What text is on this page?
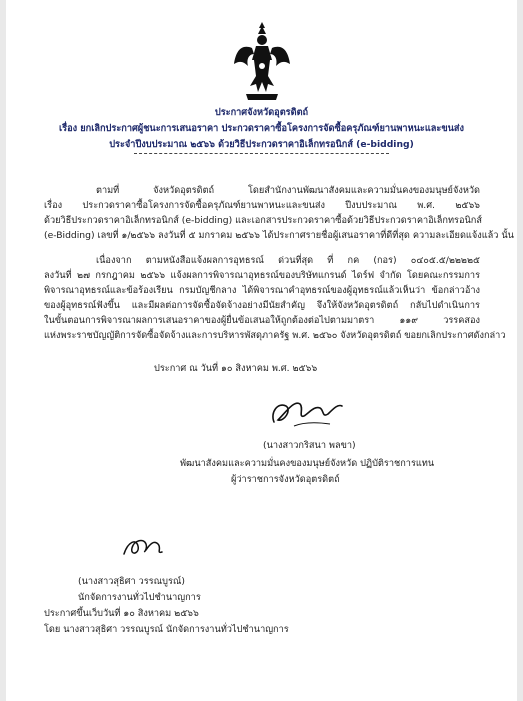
ประกาศจังหวัดอุตรดิตถ์
เรื่อง ยกเลิกประกาศผู้ชนะการเสนอราคา ประกวดราคาซื้อโครงการจัดซื้อครุภัณฑ์ยานพาหนะและขนส่ง
ประจำปีงบประมาณ ๒๕๖๖ ด้วยวิธีประกวดราคาอิเล็กทรอนิกส์ (e-bidding)
ตามที่ จังหวัดอุตรดิตถ์ โดยสำนักงานพัฒนาสังคมและความมั่นคงของมนุษย์จังหวัด
เรื่อง ประกวดราคาซื้อโครงการจัดซื้อครุภัณฑ์ยานพาหนะและขนส่ง ปีงบประมาณ พ.ศ. ๒๕๖๖
ด้วยวิธีประกวดราคาอิเล็กทรอนิกส์ (e-bidding) และเอกสารประกวดราคาซื้อด้วยวิธีประกวดราคาอิเล็กทรอนิกส์
(e-Bidding) เลขที่ ๑/๒๕๖๖ ลงวันที่ ๕ มกราคม ๒๕๖๖ ได้ประกาศรายชื่อผู้เสนอราคาที่ดีที่สุด ความละเอียดแจ้งแล้ว นั้น
เนื่องจาก ตามหนังสือแจ้งผลการอุทธรณ์ ด่วนที่สุด ที่ กค (กอร) ๐๔๐๕.๕/๒๒๒๒๕
ลงวันที่ ๒๗ กรกฎาคม ๒๕๖๖ แจ้งผลการพิจารณาอุทธรณ์ของบริษัทแกรนด์ ไดร์ฟ จำกัด โดยคณะกรรมการ
พิจารณาอุทธรณ์และข้อร้องเรียน กรมบัญชีกลาง ได้พิจารณาคำอุทธรณ์ของผู้อุทธรณ์แล้วเห็นว่า ข้อกล่าวอ้าง
ของผู้อุทธรณ์ฟังขึ้น และมีผลต่อการจัดซื้อจัดจ้างอย่างมีนัยสำคัญ จึงให้จังหวัดอุตรดิตถ์ กลับไปดำเนินการ
ในขั้นตอนการพิจารณาผลการเสนอราคาของผู้ยื่นข้อเสนอให้ถูกต้องต่อไปตามมาตรา ๑๑๙ วรรคสอง
แห่งพระราชบัญญัติการจัดซื้อจัดจ้างและการบริหารพัสดุภาครัฐ พ.ศ. ๒๕๖๐ จังหวัดอุตรดิตถ์ ขอยกเลิกประกาศดังกล่าว
ประกาศ ณ วันที่ ๑๐ สิงหาคม พ.ศ. ๒๕๖๖
(นางสาวกริสนา พลขา)
พัฒนาสังคมและความมั่นคงของมนุษย์จังหวัด ปฏิบัติราชการแทน
ผู้ว่าราชการจังหวัดอุตรดิตถ์
(นางสาวสุธิศา วรรณบูรณ์)
นักจัดการงานทั่วไปชำนาญการ
ประกาศขึ้นเว็บวันที่ ๑๐ สิงหาคม ๒๕๖๖
โดย นางสาวสุธิศา วรรณบูรณ์ นักจัดการงานทั่วไปชำนาญการ
